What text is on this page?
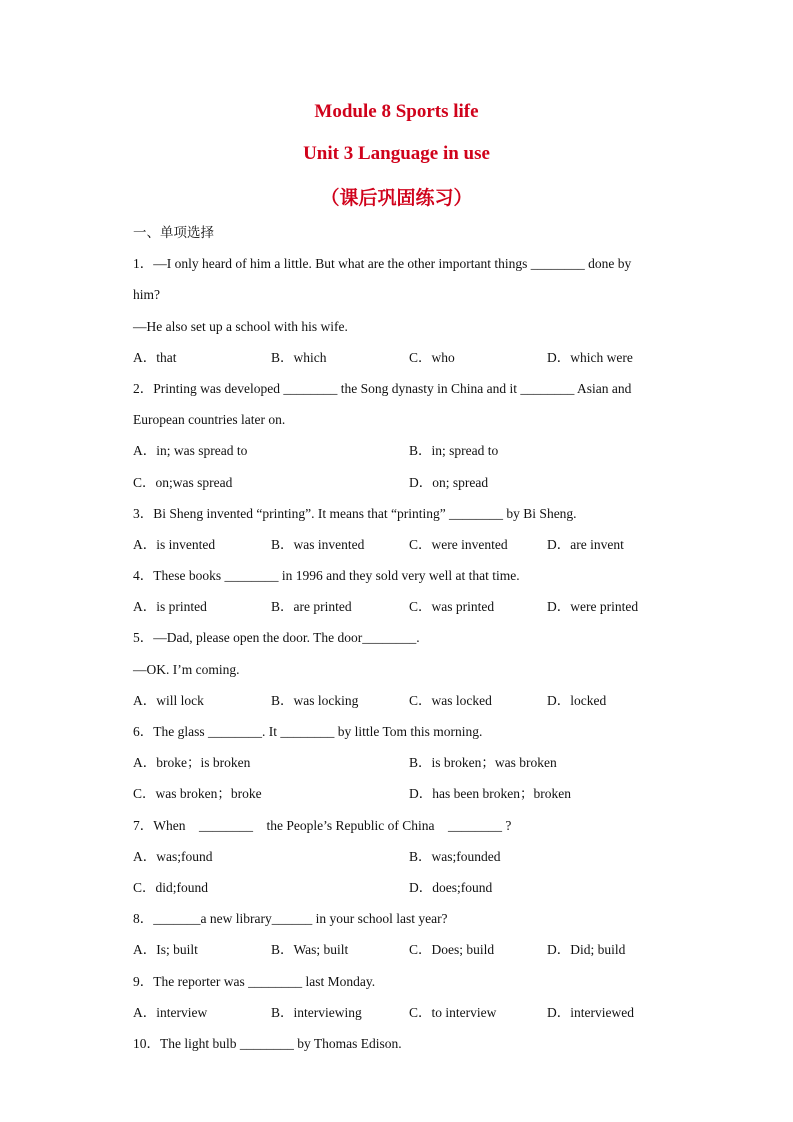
Module 8 Sports life
Unit 3 Language in use
（课后巩固练习）
一、单项选择
1．—I only heard of him a little. But what are the other important things ________ done by
him?
—He also set up a school with his wife.
A．that	B．which	C．who	D．which were
2．Printing was developed ________ the Song dynasty in China and it ________ Asian and
European countries later on.
A．in; was spread to	B．in; spread to
C．on;was spread	D．on; spread
3．Bi Sheng invented “printing”. It means that “printing” ________ by Bi Sheng.
A．is invented	B．was invented	C．were invented	D．are invent
4．These books ________ in 1996 and they sold very well at that time.
A．is printed	B．are printed	C．was printed	D．were printed
5．—Dad, please open the door. The door________.
—OK. I’m coming.
A．will lock	B．was locking	C．was locked	D．locked
6．The glass ________. It ________ by little Tom this morning.
A．broke；is broken	B．is broken；was broken
C．was broken；broke	D．has been broken；broken
7．When    ________    the People’s Republic of China    ________ ?
A．was;found	B．was;founded
C．did;found	D．does;found
8．_______a new library______ in your school last year?
A．Is; built	B．Was; built	C．Does; build	D．Did; build
9．The reporter was ________ last Monday.
A．interview	B．interviewing	C．to interview	D．interviewed
10．The light bulb ________ by Thomas Edison.
